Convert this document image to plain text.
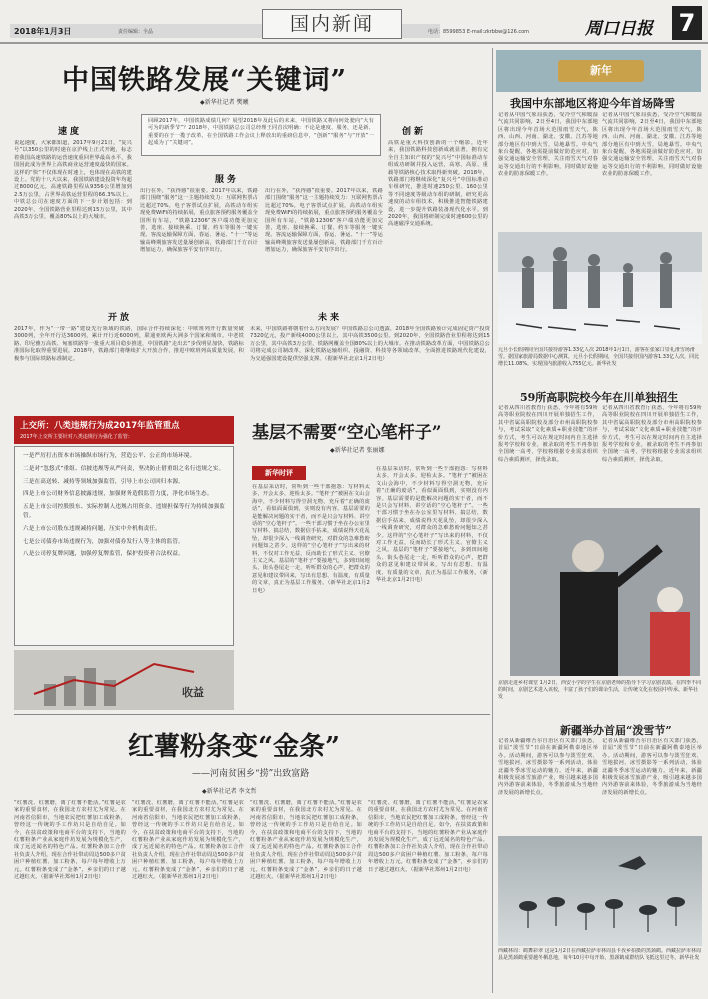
2018年1月3日	责任编辑：全晶	国内新闻	电话：8599853 E-mail:zkrbbw@126.com	周口日报 7
中国铁路发展“关键词”
◆新华社记者 樊曦
回顾2017年，中国铁路成绩几何？展望2018年及此后的未来，中国铁路又将向何处驶向“大有可为的新季节”？2018年，中国铁路总公司总经理王同首次明确：不论是速度、服务，还是新、重要的在于一揽子改革，在全国铁路工作会议上释放出的重磅信息中，“创新”“服务”与“开放”一起成为了“关键词”。
速度
说起速度，大家都知道，2017年9月21日，“复兴号”以350公里的时速在京沪线上正式开跑，标志着我国高速铁路的运营速度重回世界最高水平，我国因此成为世界上高铁商业运营速度最快的国家。这样的“快”不仅体现在时速上，也体现在高铁的建设上。党的十八大以来，我国铁路建设投资年均超过8000亿元，高速铁路里程从9356公里增加到2.5万公里，占世界高铁运营里程的66.3%以上。中铁总公司在速度方面的下一步计划包括：到2020年，全国铁路营业里程达到15万公里，其中高铁3万公里，覆盖80%以上的大城市。
服务
出行在外，“获得感”很重要。2017年以来，铁路部门围绕“服务”这一主题持续发力：互联网售票占比超过70%，电子客票试点扩展，高铁动车组实现免费WiFi的持续拓展，重点旅客预约服务覆盖全国所有车站，“铁路12306”客户端功能更加完善，选座、接续换乘、订餐、约车等服务一键实现。客流运输保障方面，春运、暑运、“十一”等运输高峰期旅客发送量屡创新高，铁路部门千方百计增加运力，确保旅客平安有序出行。
出行在外，“获得感”很重要。2017年以来，铁路部门围绕“服务”这一主题持续发力：互联网售票占比超过70%，电子客票试点扩展，高铁动车组实现免费WiFi的持续拓展，重点旅客预约服务覆盖全国所有车站，“铁路12306”客户端功能更加完善，选座、接续换乘、订餐、约车等服务一键实现。客流运输保障方面，春运、暑运、“十一”等运输高峰期旅客发送量屡创新高，铁路部门千方百计增加运力，确保旅客平安有序出行。
创新
高铁是重大科技创新的一个缩影。近年来，我国铁路科技创新成就显著，拥有完全自主知识产权的“复兴号”中国标准动车组成功研制并投入运营，高寒、高原、重载等铁路核心技术取得新突破。2018年，铁路部门将继续深化“复兴号”中国标准动车组研究，推进时速250公里、160公里等不同速度等级动车组的研制，研究更高速度的动车组技术，积极推进智能铁路建设，进一步提升铁路装备现代化水平。到2020年，我国将研制完成时速600公里的高速磁浮交通系统。
开放
2017年，作为“一带一路”建设先行领域的铁路，国际合作持续深化：中欧班列开行数量突破3000列，全年开行达3600列，累计开行近6000列，联通亚欧两大洲多个国家和城市。中老铁路、印尼雅万高铁、匈塞铁路等一批重大项目稳步推进，中国铁路“走出去”步伐明显加快，铁路标准国际化取得重要进展。2018年，铁路部门将继续扩大开放合作，推进中欧班列高质量发展，积极参与国际铁路标准制定。
未来
未来，中国铁路将朝着什么方向发展？中国铁路总公司透露，2018年全国铁路预计完成固定资产投资7320亿元，投产新线4000公里以上，其中高铁3500公里。到2020年，全国铁路营业里程将达到15万公里，其中高铁3万公里，铁路网覆盖全国80%以上的大城市。在推动铁路改革方面，中国铁路总公司将完成公司制改革，深化铁路运输组织、投融资、科技等各领域改革，全面推进铁路现代化建设，为交通强国建设提供坚强支撑。（据新华社北京1月2日电）
新年
我国中东部地区将迎今年首场降雪
记者从中国气象局获悉，受冷空气和暖湿气流共同影响，2日至4日，我国中东部地区将出现今年首场大范围雨雪天气，陕西、山西、河南、湖北、安徽、江苏等地部分地区有中到大雪，局地暴雪。中央气象台提醒，各地需提前做好防范应对，加强交通运输安全管理，关注雨雪天气对春运等交通出行的不利影响，同时做好设施农业的防冻保暖工作。
记者从中国气象局获悉，受冷空气和暖湿气流共同影响，2日至4日，我国中东部地区将出现今年首场大范围雨雪天气，陕西、山西、河南、湖北、安徽、江苏等地部分地区有中到大雪，局地暴雪。中央气象台提醒，各地需提前做好防范应对，加强交通运输安全管理，关注雨雪天气对春运等交通出行的不利影响，同时做好设施农业的防冻保暖工作。
元旦小长假期间全国共接待游客1.33亿人次 2018年1月1日，游客在张家口崇礼滑雪场滑雪。据国家旅游局数据中心测算，元旦小长假期间，全国共接待国内游客1.33亿人次，同比增长11.08%，实现国内旅游收入755亿元。新华社发
59所高职院校今年在川单独招生
记者从四川省教育厅获悉，今年将有59所高等职业院校在四川开展单独招生工作，其中省属高职院校及部分市州高职院校参与，考试采取“文化素质+职业技能”的评价方式，考生可以在规定时间内自主选择报考学校和专业，被录取的考生不再参加全国统一高考，学校将根据专业需求组织综合素质测评，择优录取。
记者从四川省教育厅获悉，今年将有59所高等职业院校在四川开展单独招生工作，其中省属高职院校及部分市州高职院校参与，考试采取“文化素质+职业技能”的评价方式，考生可以在规定时间内自主选择报考学校和专业，被录取的考生不再参加全国统一高考，学校将根据专业需求组织综合素质测评，择优录取。
京剧走进乡村课堂 1月2日，西安小学的学生在京剧老师的指导下学习京剧表演。在四季不同的时间，京剧艺术进入该校，丰富了孩子们的课余生活，让传统文化在校园中传承。新华社发
新疆举办首届“泼雪节”
记者从新疆维吾尔自治区有关部门获悉，首届“泼雪节”日前在新疆阿勒泰地区举办。活动期间，游客可以参与泼雪狂欢、雪地拔河、冰雪摄影等一系列活动，体验北疆冬季冰雪运动的魅力。近年来，新疆积极发展冰雪旅游产业，吸引越来越多国内外游客前来体验，冬季旅游成为当地经济发展的新增长点。
记者从新疆维吾尔自治区有关部门获悉，首届“泼雪节”日前在新疆阿勒泰地区举办。活动期间，游客可以参与泼雪狂欢、雪地拔河、冰雪摄影等一系列活动，体验北疆冬季冰雪运动的魅力。近年来，新疆积极发展冰雪旅游产业，吸引越来越多国内外游客前来体验，冬季旅游成为当地经济发展的新增长点。
西藏林周：鹤舞彩翠 这是1月2日在西藏拉萨市林周县卡孜乡拍摄的黑颈鹤。西藏拉萨市林周县是黑颈鹤重要越冬栖息地，每年10月中旬开始，黑颈鹤成群结队飞抵这里过冬。新华社发
上交所：八类违规行为成2017年监管重点
2017年上交所主要针对八类违规行为强化了监管：
一是严厉打击资本市场操纵市场行为，营造公平、公正的市场环境。
二是对“忽悠式”重组、信披违规等从严问责，坚决防止借重组之名行违规之实。
三是在高送转、减持等领域加强监管，引导上市公司回归本源。
四是上市公司财务信息披露违规，加强财务造假监管力度，净化市场生态。
五是上市公司控股股东、实际控制人违规占用资金、违规担保等行为持续加强监管。
六是上市公司股东违规减持问题，压实中介机构责任。
七是公司债券市场违规行为，加强对债券发行人等主体的监管。
八是公司停复牌问题，加强停复牌监管，保护投资者合法权益。
收益
基层不需要“空心笔杆子”
◆新华社记者 张丽娜
新华时评
在基层采访时，常听到一些干部抱怨：写材料太多，开会太多，迎检太多。“笔杆子”被困在文山会海中，不少材料写得空洞无物，充斥着“正确的废话”，看似面面俱到，实则没有内容。基层需要的是能解决问题的实干者，而不是只会写材料、讲空话的“空心笔杆子”。一些干部习惯于坐在办公室里写材料、搞总结，数据信手拈来，成绩说得天花乱坠，却很少深入一线调查研究，对群众的急难愁盼问题知之甚少。这样的“空心笔杆子”写出来的材料，不仅对工作无益，反而助长了形式主义、官僚主义之风。基层的“笔杆子”要接地气，多到田间地头、街头巷尾走一走，听听群众的心声，把群众的意见和建议带回来，写出有思想、有温度、有质量的文章，真正为基层工作服务。（新华社北京1月2日电）
在基层采访时，常听到一些干部抱怨：写材料太多，开会太多，迎检太多。“笔杆子”被困在文山会海中，不少材料写得空洞无物，充斥着“正确的废话”，看似面面俱到，实则没有内容。基层需要的是能解决问题的实干者，而不是只会写材料、讲空话的“空心笔杆子”。一些干部习惯于坐在办公室里写材料、搞总结，数据信手拈来，成绩说得天花乱坠，却很少深入一线调查研究，对群众的急难愁盼问题知之甚少。这样的“空心笔杆子”写出来的材料，不仅对工作无益，反而助长了形式主义、官僚主义之风。基层的“笔杆子”要接地气，多到田间地头、街头巷尾走一走，听听群众的心声，把群众的意见和建议带回来，写出有思想、有温度、有质量的文章，真正为基层工作服务。（新华社北京1月2日电）
红薯粉条变“金条”
——河南贫困乡“捞”出致富路
◆新华社记者 李文哲
“红薯洗、红薯磨，离了红薯不能活。”红薯是农家的重要食材，在我国北方农村尤为常见。在河南省信阳市，当地农民把红薯加工成粉条，曾经这一传统的手工作坊只是自给自足。如今，在扶贫政策和电商平台的支持下，当地的红薯粉条产业从家庭作坊发展为规模化生产，成了远近闻名的特色产品。红薯粉条加工合作社负责人介绍，现在合作社带动周边500多户贫困户种植红薯、加工粉条，每户每年增收上万元。红薯粉条变成了“金条”，乡亲们的日子越过越红火。（据新华社郑州1月2日电）
“红薯洗、红薯磨，离了红薯不能活。”红薯是农家的重要食材，在我国北方农村尤为常见。在河南省信阳市，当地农民把红薯加工成粉条，曾经这一传统的手工作坊只是自给自足。如今，在扶贫政策和电商平台的支持下，当地的红薯粉条产业从家庭作坊发展为规模化生产，成了远近闻名的特色产品。红薯粉条加工合作社负责人介绍，现在合作社带动周边500多户贫困户种植红薯、加工粉条，每户每年增收上万元。红薯粉条变成了“金条”，乡亲们的日子越过越红火。（据新华社郑州1月2日电）
“红薯洗、红薯磨，离了红薯不能活。”红薯是农家的重要食材，在我国北方农村尤为常见。在河南省信阳市，当地农民把红薯加工成粉条，曾经这一传统的手工作坊只是自给自足。如今，在扶贫政策和电商平台的支持下，当地的红薯粉条产业从家庭作坊发展为规模化生产，成了远近闻名的特色产品。红薯粉条加工合作社负责人介绍，现在合作社带动周边500多户贫困户种植红薯、加工粉条，每户每年增收上万元。红薯粉条变成了“金条”，乡亲们的日子越过越红火。（据新华社郑州1月2日电）
“红薯洗、红薯磨，离了红薯不能活。”红薯是农家的重要食材，在我国北方农村尤为常见。在河南省信阳市，当地农民把红薯加工成粉条，曾经这一传统的手工作坊只是自给自足。如今，在扶贫政策和电商平台的支持下，当地的红薯粉条产业从家庭作坊发展为规模化生产，成了远近闻名的特色产品。红薯粉条加工合作社负责人介绍，现在合作社带动周边500多户贫困户种植红薯、加工粉条，每户每年增收上万元。红薯粉条变成了“金条”，乡亲们的日子越过越红火。（据新华社郑州1月2日电）
